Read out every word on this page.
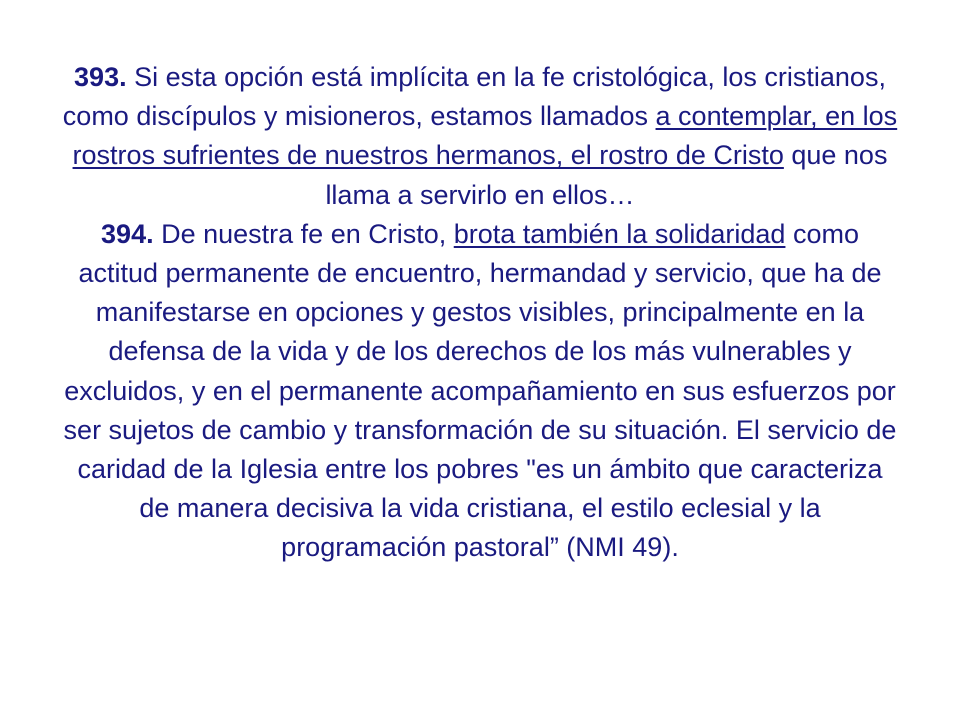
393. Si esta opción está implícita en la fe cristológica, los cristianos, como discípulos y misioneros, estamos llamados a contemplar, en los rostros sufrientes de nuestros hermanos, el rostro de Cristo que nos llama a servirlo en ellos…

394. De nuestra fe en Cristo, brota también la solidaridad como actitud permanente de encuentro, hermandad y servicio, que ha de manifestarse en opciones y gestos visibles, principalmente en la defensa de la vida y de los derechos de los más vulnerables y excluidos, y en el permanente acompañamiento en sus esfuerzos por ser sujetos de cambio y transformación de su situación. El servicio de caridad de la Iglesia entre los pobres "es un ámbito que caracteriza de manera decisiva la vida cristiana, el estilo eclesial y la programación pastoral” (NMI 49).
